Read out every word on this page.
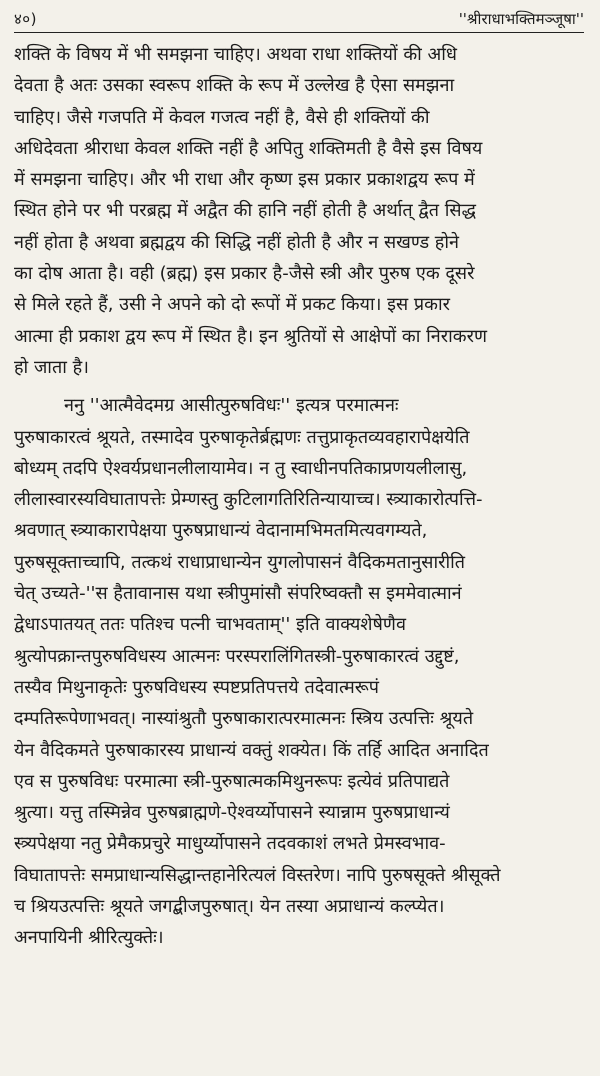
४०)	''श्रीराधाभक्तिमञ्जूषा''
शक्ति के विषय में भी समझना चाहिए। अथवा राधा शक्तियों की अधि
देवता है अतः उसका स्वरूप शक्ति के रूप में उल्लेख है ऐसा समझना
चाहिए। जैसे गजपति में केवल गजत्व नहीं है, वैसे ही शक्तियों की
अधिदेवता श्रीराधा केवल शक्ति नहीं है अपितु शक्तिमती है वैसे इस विषय
में समझना चाहिए। और भी राधा और कृष्ण इस प्रकार प्रकाशद्वय रूप में
स्थित होने पर भी परब्रह्म में अद्वैत की हानि नहीं होती है अर्थात् द्वैत सिद्ध
नहीं होता है अथवा ब्रह्मद्वय की सिद्धि नहीं होती है और न सखण्ड होने
का दोष आता है। वही (ब्रह्म) इस प्रकार है-जैसे स्त्री और पुरुष एक दूसरे
से मिले रहते हैं, उसी ने अपने को दो रूपों में प्रकट किया। इस प्रकार
आत्मा ही प्रकाश द्वय रूप में स्थित है। इन श्रुतियों से आक्षेपों का निराकरण
हो जाता है।
ननु ''आत्मैवेदमग्र आसीत्पुरुषविधः'' इत्यत्र परमात्मनः
पुरुषाकारत्वं श्रूयते, तस्मादेव पुरुषाकृतेर्ब्रह्मणः तत्तुप्राकृतव्यवहारापेक्षयेति
बोध्यम् तदपि ऐश्वर्यप्रधानलीलायामेव। न तु स्वाधीनपतिकाप्रणयलीलासु,
लीलास्वारस्यविघातापत्तेः प्रेम्णस्तु कुटिलागतिरितिन्यायाच्च। स्त्र्याकारोत्पत्ति-
श्रवणात् स्त्र्याकारापेक्षया पुरुषप्राधान्यं वेदानामभिमतमित्यवगम्यते,
पुरुषसूक्ताच्चापि, तत्कथं राधाप्राधान्येन युगलोपासनं वैदिकमतानुसारीति
चेत् उच्यते-''स हैतावानास यथा स्त्रीपुमांसौ संपरिष्वक्तौ स इममेवात्मानं
द्वेधाऽपातयत् ततः पतिश्च पत्नी चाभवताम्'' इति वाक्यशेषेणैव
श्रुत्योपक्रान्तपुरुषविधस्य आत्मनः परस्परालिंगितस्त्री-पुरुषाकारत्वं उद्दुष्टं,
तस्यैव मिथुनाकृतेः पुरुषविधस्य स्पष्टप्रतिपत्तये तदेवात्मरूपं
दम्पतिरूपेणाभवत्। नास्यांश्रुतौ पुरुषाकारात्परमात्मनः स्त्रिय उत्पत्तिः श्रूयते
येन वैदिकमते पुरुषाकारस्य प्राधान्यं वक्तुं शक्येत। किं तर्हि आदित अनादित
एव स पुरुषविधः परमात्मा स्त्री-पुरुषात्मकमिथुनरूपः इत्येवं प्रतिपाद्यते
श्रुत्या। यत्तु तस्मिन्नेव पुरुषब्राह्मणे-ऐश्वर्य्योपासने स्यान्नाम पुरुषप्राधान्यं
स्त्र्यपेक्षया नतु प्रेमैकप्रचुरे माधुर्य्योपासने तदवकाशं लभते प्रेमस्वभाव-
विघातापत्तेः समप्राधान्यसिद्धान्तहानेरित्यलं विस्तरेण। नापि पुरुषसूक्ते श्रीसूक्ते
च श्रियउत्पत्तिः श्रूयते जगद्बीजपुरुषात्। येन तस्या अप्राधान्यं कल्प्येत।
अनपायिनी श्रीरित्युक्तेः।
